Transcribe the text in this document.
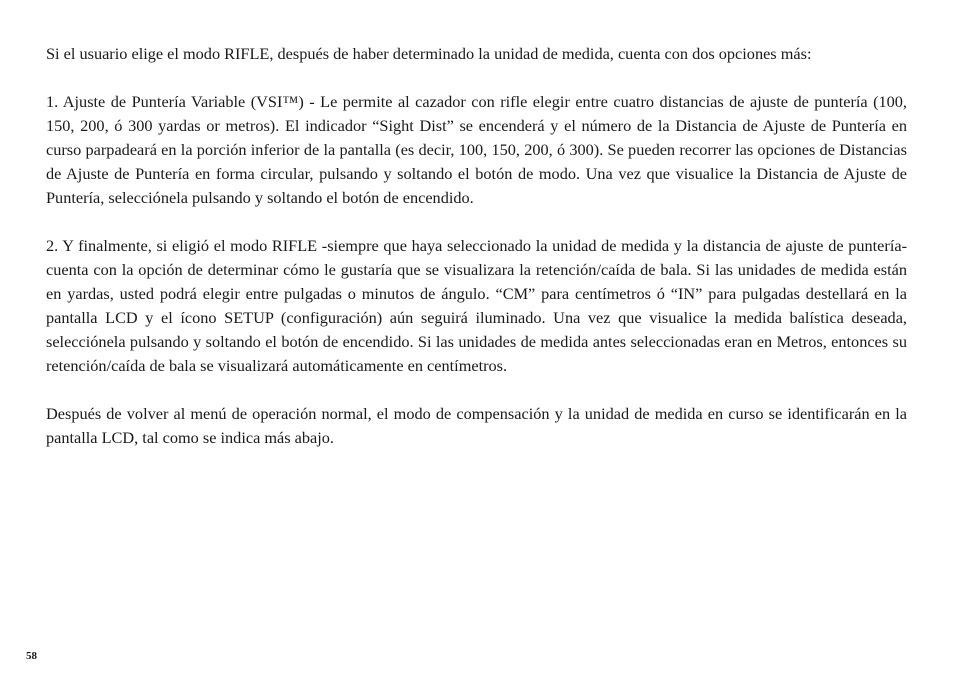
Si el usuario elige el modo RIFLE, después de haber determinado la unidad de medida, cuenta con dos opciones más:

1. Ajuste de Puntería Variable (VSI™) - Le permite al cazador con rifle elegir entre cuatro distancias de ajuste de puntería (100, 150, 200, ó 300 yardas or metros). El indicador “Sight Dist” se encenderá y el número de la Distancia de Ajuste de Puntería en curso parpadeará en la porción inferior de la pantalla (es decir, 100, 150, 200, ó 300). Se pueden recorrer las opciones de Distancias de Ajuste de Puntería en forma circular, pulsando y soltando el botón de modo. Una vez que visualice la Distancia de Ajuste de Puntería, selecciónela pulsando y soltando el botón de encendido.

2. Y finalmente, si eligió el modo RIFLE -siempre que haya seleccionado la unidad de medida y la distancia de ajuste de puntería- cuenta con la opción de determinar cómo le gustaría que se visualizara la retención/caída de bala. Si las unidades de medida están en yardas, usted podrá elegir entre pulgadas o minutos de ángulo. “CM” para centímetros ó “IN” para pulgadas destellará en la pantalla LCD y el ícono SETUP (configuración) aún seguirá iluminado. Una vez que visualice la medida balística deseada, selecciónela pulsando y soltando el botón de encendido. Si las unidades de medida antes seleccionadas eran en Metros, entonces su retención/caída de bala se visualizará automáticamente en centímetros.

Después de volver al menú de operación normal, el modo de compensación y la unidad de medida en curso se identificarán en la pantalla LCD, tal como se indica más abajo.

58
